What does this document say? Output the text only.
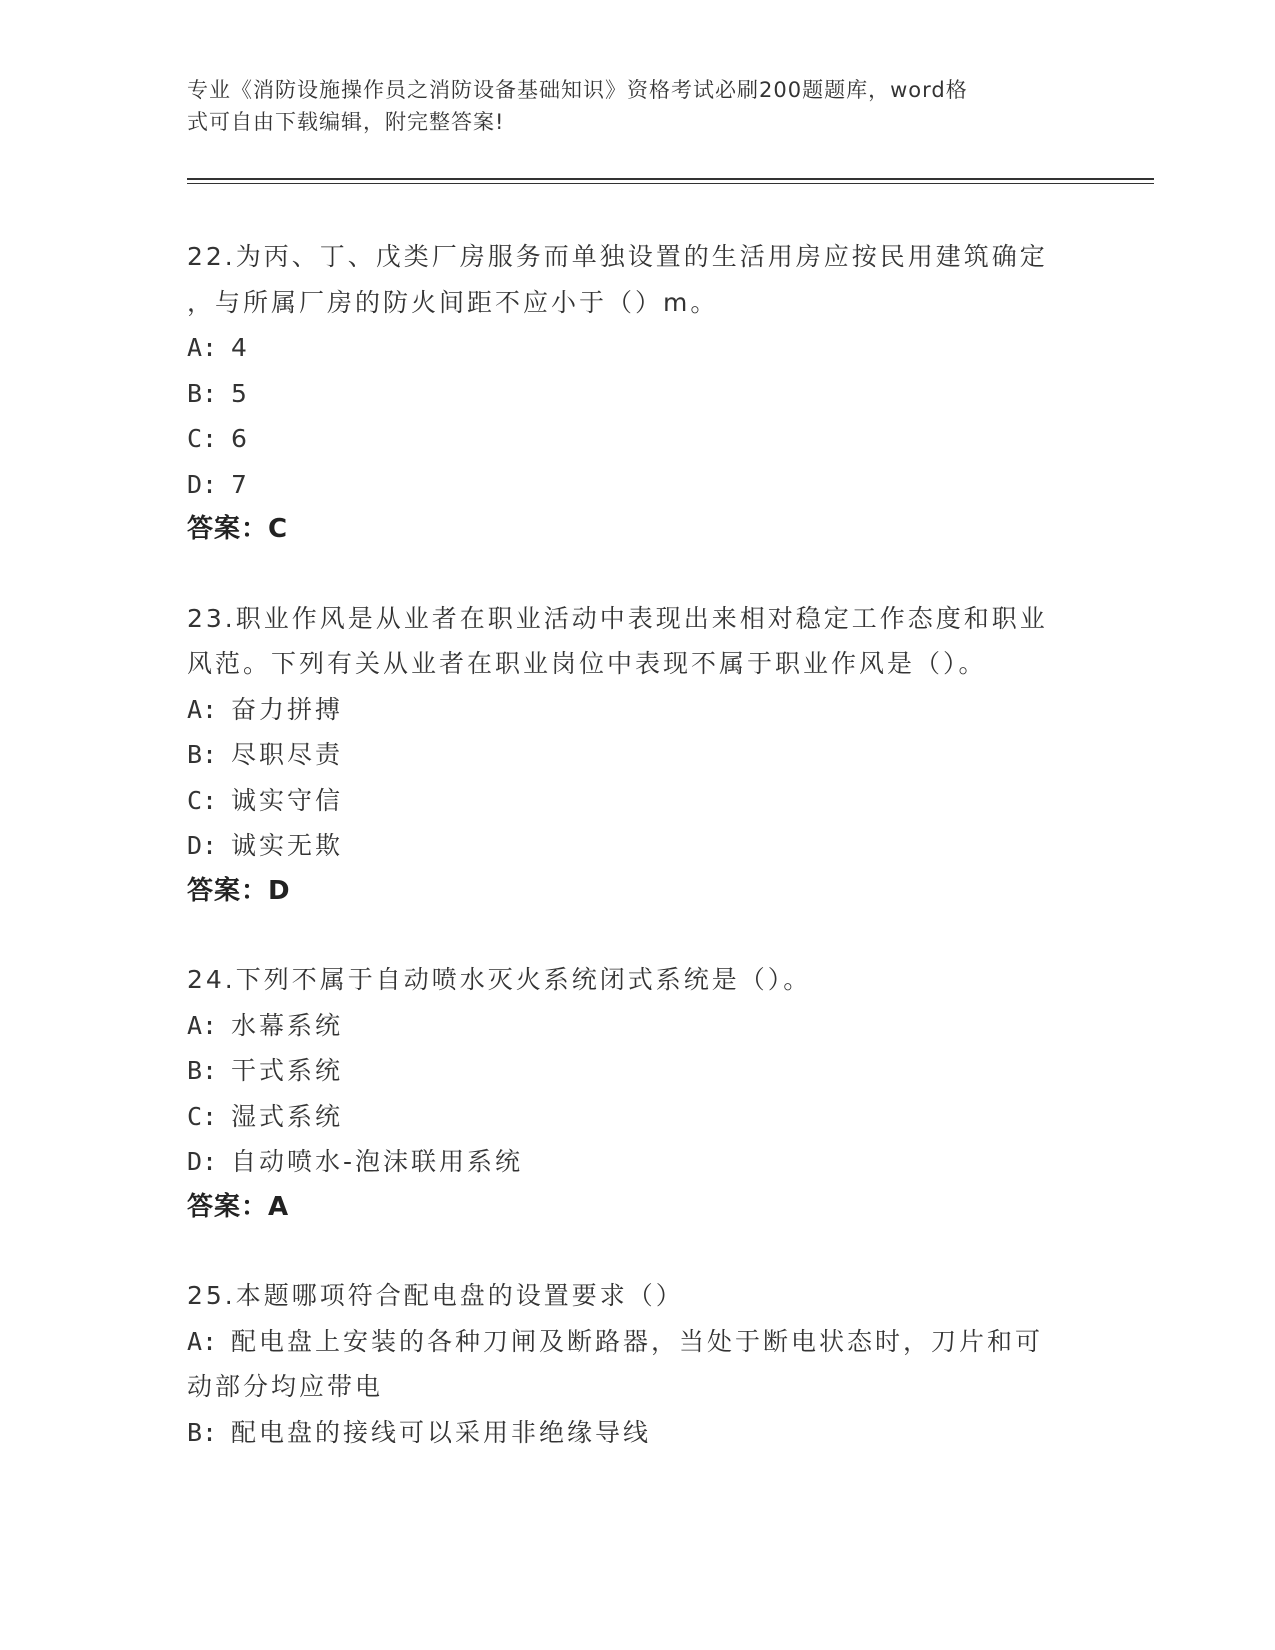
专业《消防设施操作员之消防设备基础知识》资格考试必刷200题题库，word格
式可自由下载编辑，附完整答案!
22.为丙、丁、戊类厂房服务而单独设置的生活用房应按民用建筑确定
，与所属厂房的防火间距不应小于（）m。
A: 4
B: 5
C: 6
D: 7
答案：C
23.职业作风是从业者在职业活动中表现出来相对稳定工作态度和职业
风范。下列有关从业者在职业岗位中表现不属于职业作风是（）。
A: 奋力拼搏
B: 尽职尽责
C: 诚实守信
D: 诚实无欺
答案：D
24.下列不属于自动喷水灭火系统闭式系统是（）。
A: 水幕系统
B: 干式系统
C: 湿式系统
D: 自动喷水-泡沫联用系统
答案：A
25.本题哪项符合配电盘的设置要求（）
A: 配电盘上安装的各种刀闸及断路器，当处于断电状态时，刀片和可
动部分均应带电
B: 配电盘的接线可以采用非绝缘导线
